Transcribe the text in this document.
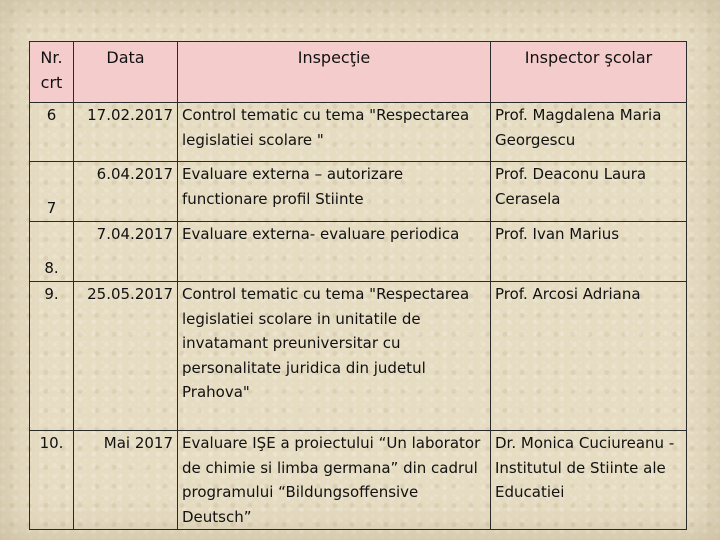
Nr. crt	Data	Inspecţie	Inspector şcolar
6	17.02.2017	Control tematic cu tema "Respectarea legislatiei scolare "	Prof. Magdalena Maria Georgescu
7	6.04.2017	Evaluare externa – autorizare functionare profil Stiinte	Prof. Deaconu Laura Cerasela
8.	7.04.2017	Evaluare externa- evaluare periodica	Prof. Ivan Marius
9.	25.05.2017	Control tematic cu tema "Respectarea legislatiei scolare in unitatile de invatamant preuniversitar cu personalitate juridica din judetul Prahova"	Prof. Arcosi Adriana
10.	Mai 2017	Evaluare IŞE a proiectului “Un laborator de chimie si limba germana” din cadrul programului “Bildungsoffensive Deutsch”	Dr. Monica Cuciureanu -Institutul de Stiinte ale Educatiei
